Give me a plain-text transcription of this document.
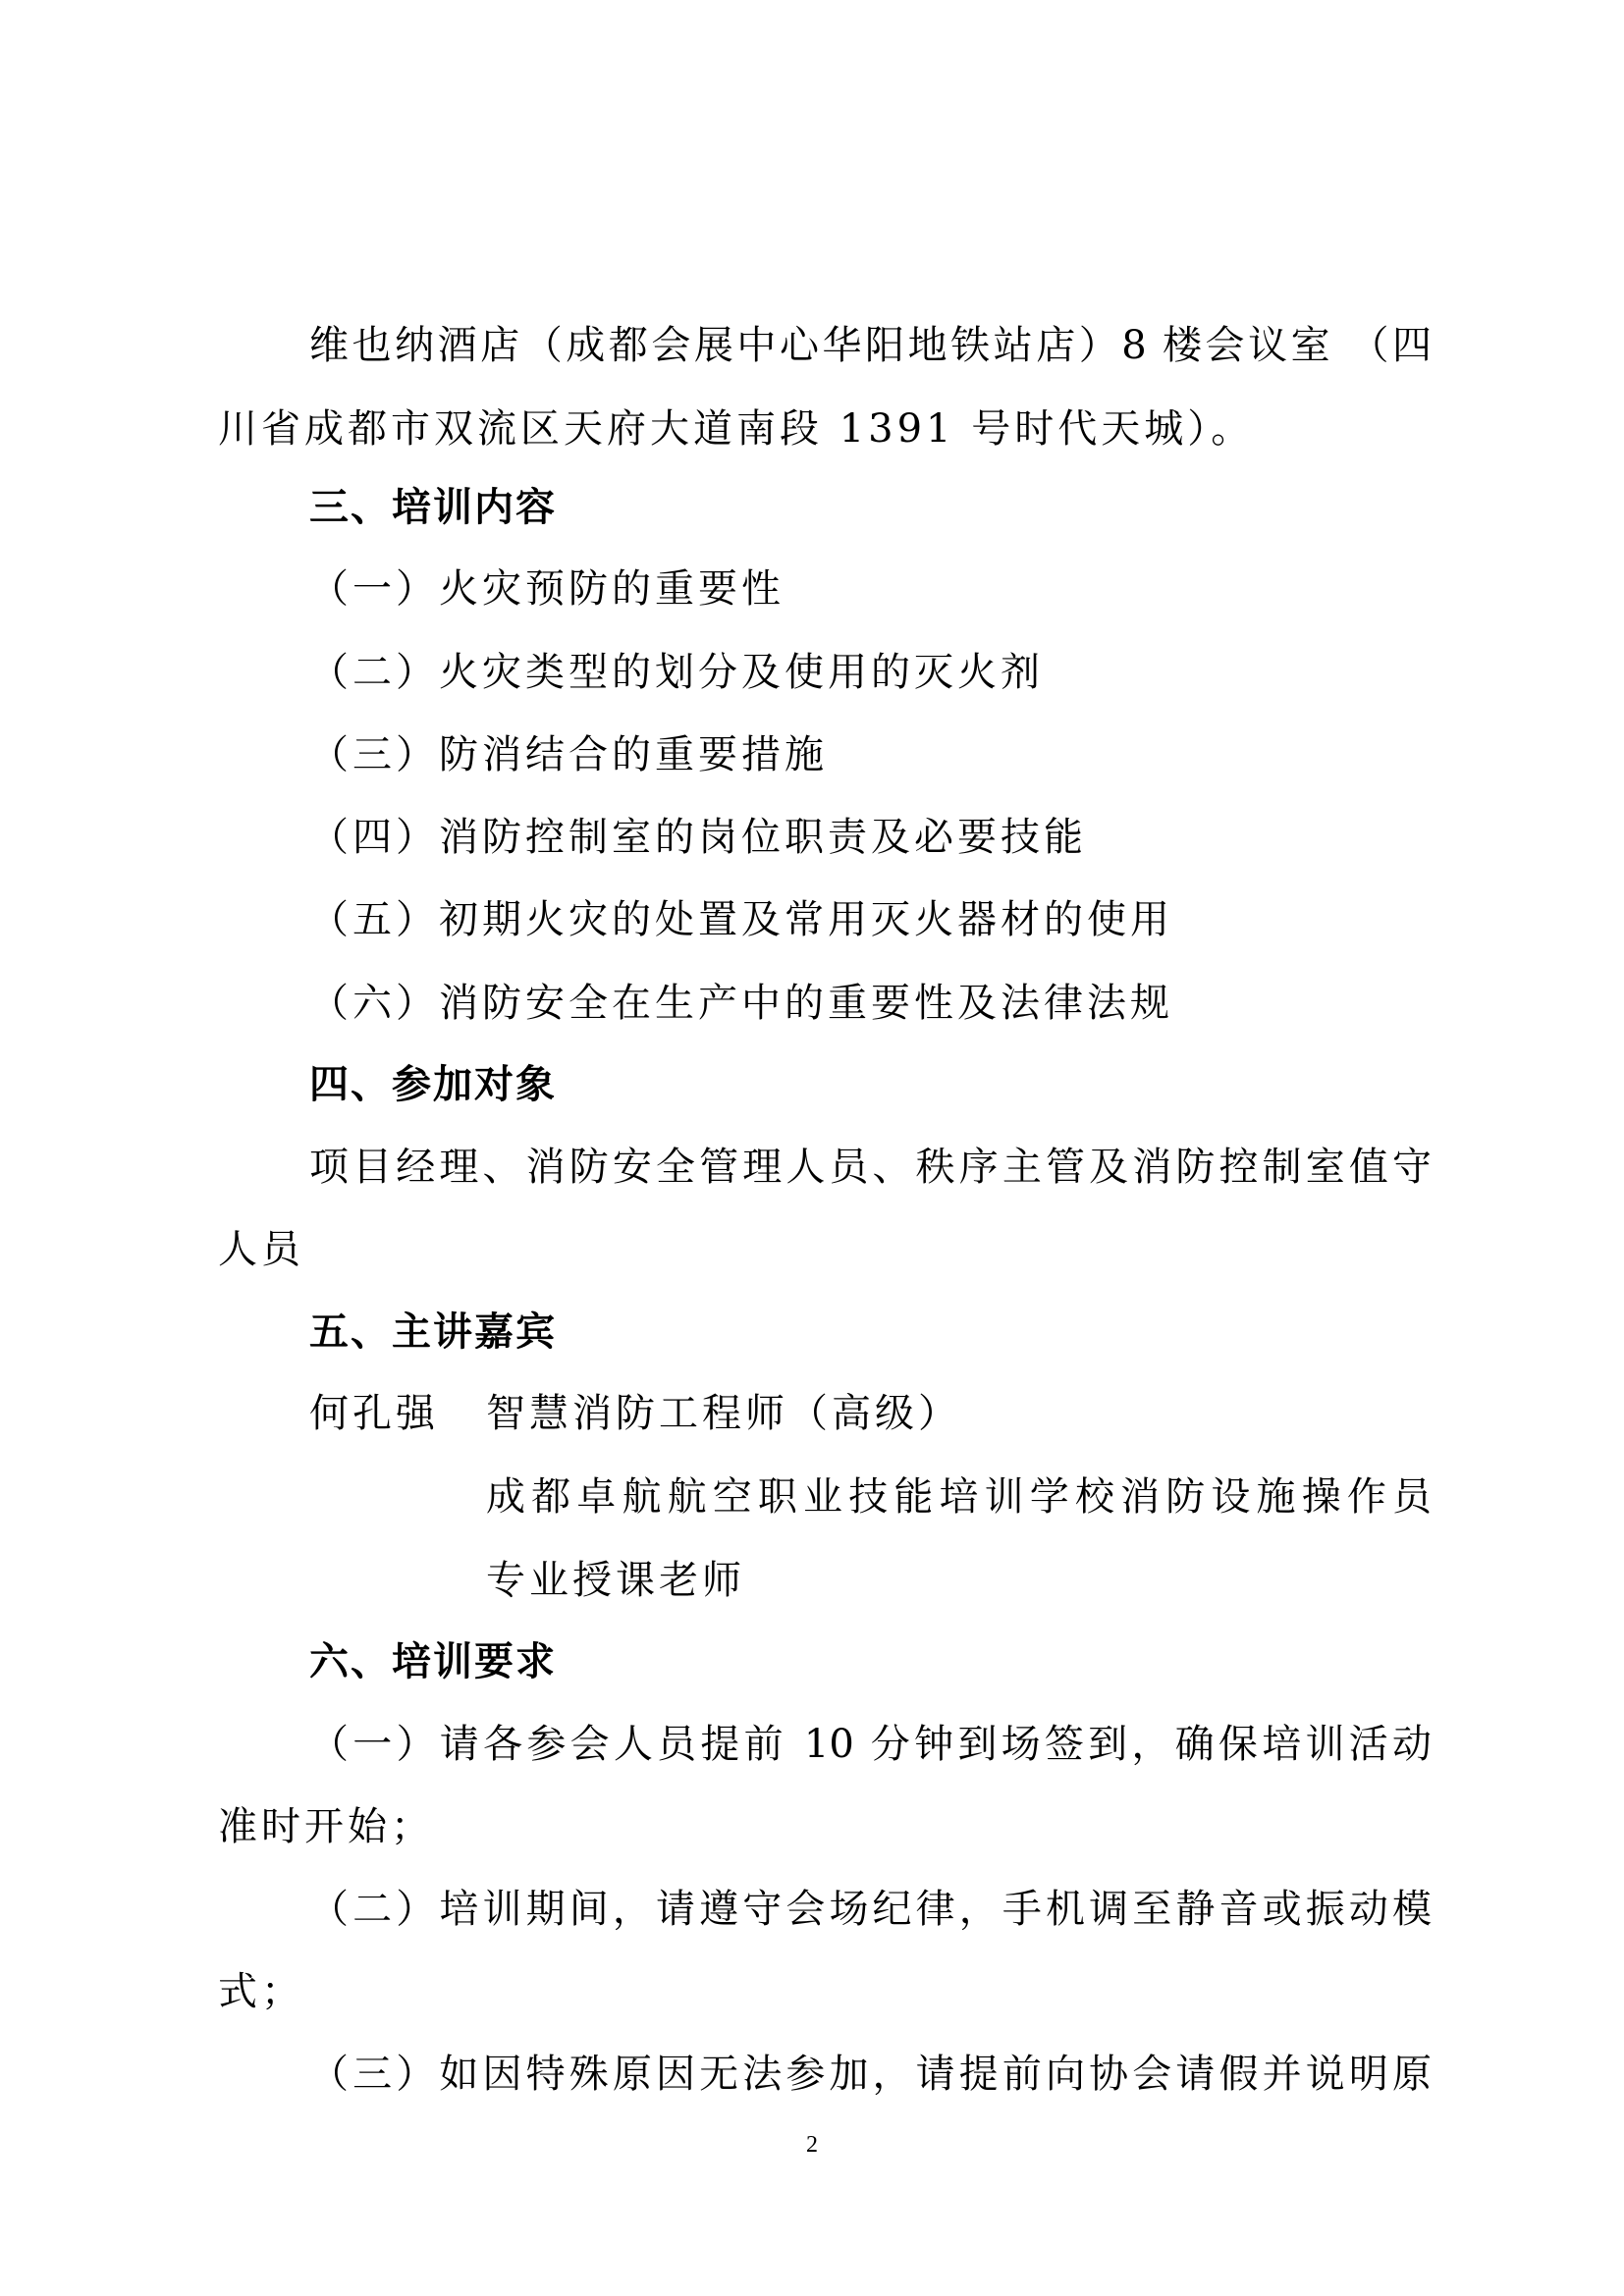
维也纳酒店（成都会展中心华阳地铁站店）8 楼会议室 （四
川省成都市双流区天府大道南段 1391 号时代天城）。
三、培训内容
（一）火灾预防的重要性
（二）火灾类型的划分及使用的灭火剂
（三）防消结合的重要措施
（四）消防控制室的岗位职责及必要技能
（五）初期火灾的处置及常用灭火器材的使用
（六）消防安全在生产中的重要性及法律法规
四、参加对象
项目经理、消防安全管理人员、秩序主管及消防控制室值守
人员
五、主讲嘉宾
何孔强 智慧消防工程师（高级）
成都卓航航空职业技能培训学校消防设施操作员
专业授课老师
六、培训要求
（一）请各参会人员提前 10 分钟到场签到，确保培训活动
准时开始；
（二）培训期间，请遵守会场纪律，手机调至静音或振动模
式；
（三）如因特殊原因无法参加，请提前向协会请假并说明原
2
